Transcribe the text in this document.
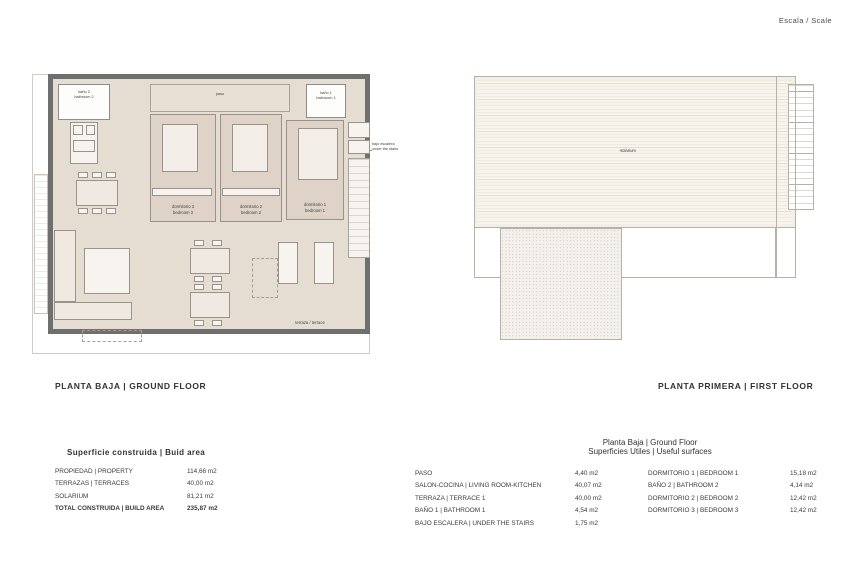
Escala / Scale
baño 2
bathroom 2
baño 1
bathroom 1
paso
dormitorio 3
bedroom 3
dormitorio 2
bedroom 2
dormitorio 1
bedroom 1

terraza / terrace
bajo escalera
under the stairs
PLANTA BAJA | GROUND FLOOR
solarium
PLANTA PRIMERA | FIRST FLOOR
Superficie construida | Buid area
PROPIEDAD | PROPERTY	114,66 m2
TERRAZAS | TERRACES	40,00 m2
SOLARIUM	81,21 m2
TOTAL CONSTRUIDA | BUILD AREA	235,87 m2
Planta Baja | Ground Floor
Superficies Utiles | Useful surfaces
PASO	4,40 m2
SALON-COCINA | LIVING ROOM-KITCHEN	40,07 m2
TERRAZA | TERRACE 1	40,00 m2
BAÑO 1 | BATHROOM 1	4,54 m2
BAJO ESCALERA | UNDER THE STAIRS	1,75 m2
DORMITORIO 1 | BEDROOM 1	15,18 m2
BAÑO 2 | BATHROOM 2	4,14 m2
DORMITORIO 2 | BEDROOM 2	12,42 m2
DORMITORIO 3 | BEDROOM 3	12,42 m2
